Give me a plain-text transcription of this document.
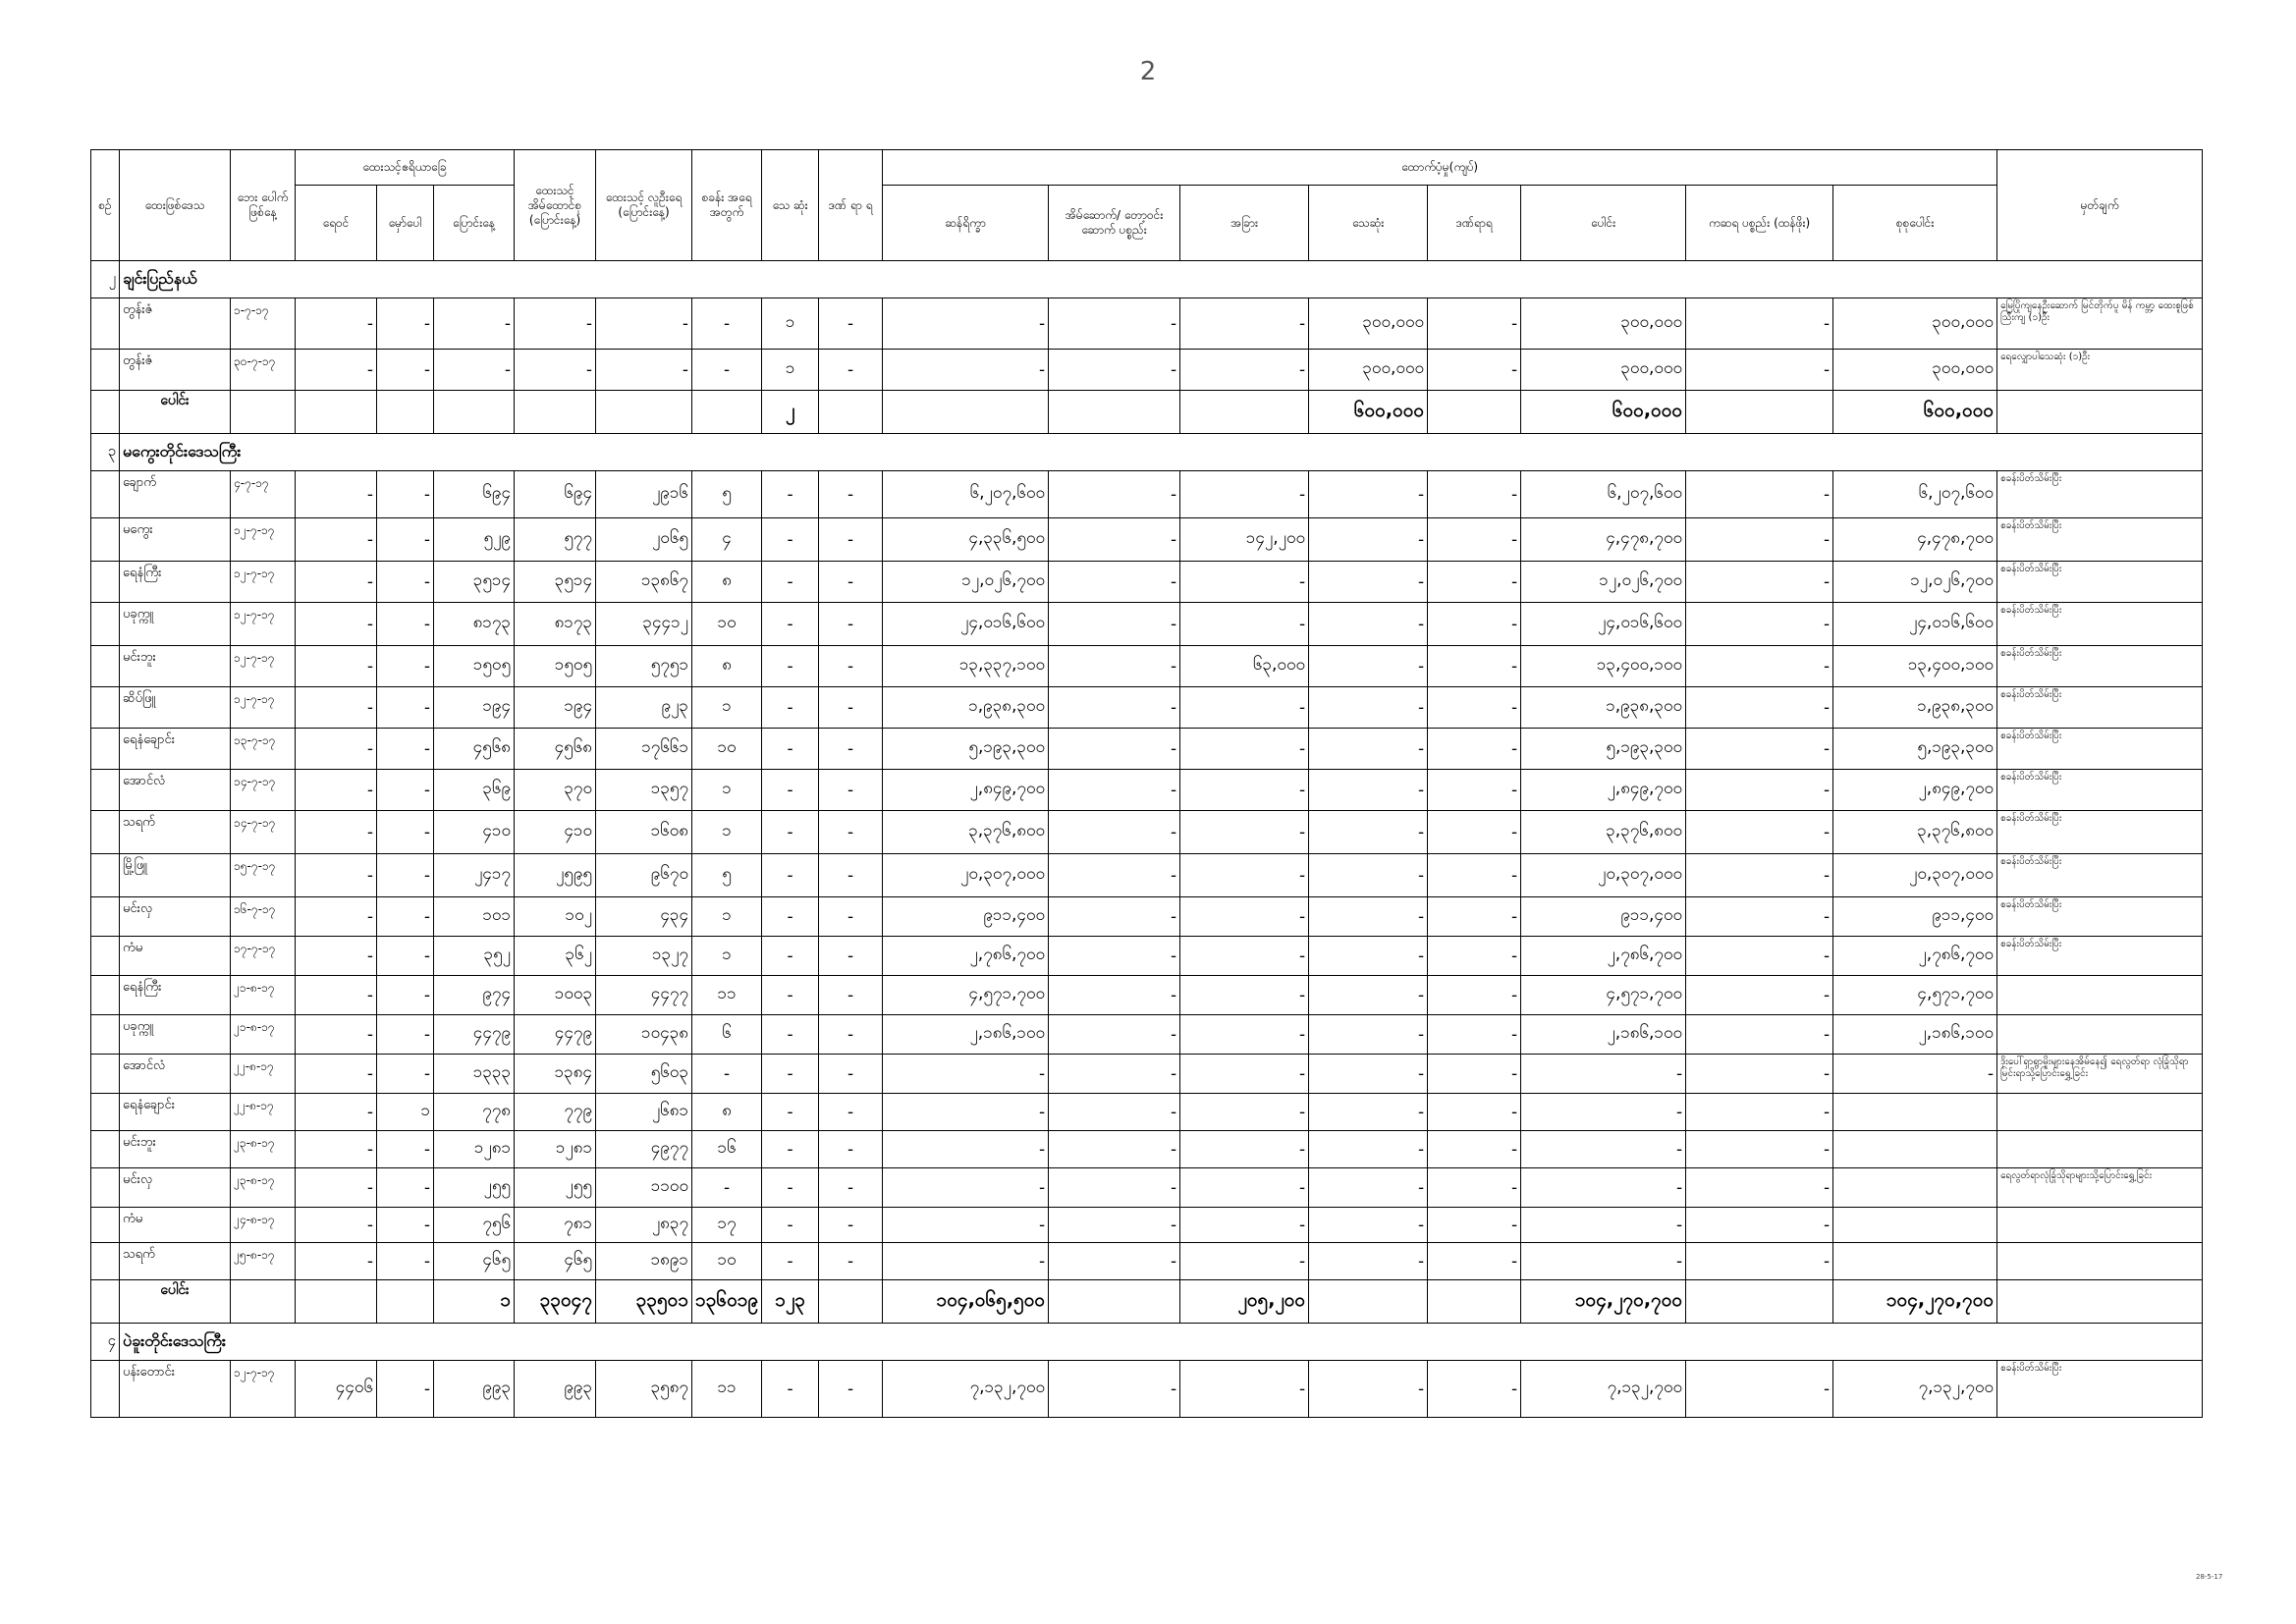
2
စဥ်	ထေးဖြစ်ဒေသ	ဘေး ပေါက် ဖြစ်နေ့	ထေးသင့်ဧရိယာခြေ			ထေးသင့် အိမ်ထောင်စု (ပြောင်းနေ့)	ထေးသင့် လူဦးရေ (ပြောင်းနေ့)	စခန်း အရေ အတွက်	သေ ဆုံး	ဒဏ် ရာ ရ	ထောက်ပံ့မှု(ကျပ်)								မှတ်ချက်
			ရေဝင်	မှော်ပေါ	ပြောင်းနေ့						ဆန်ရိက္ခာ	အိမ်ဆောက်/ တော့ဝင်းဆောက် ပစ္စည်း	အခြား	သေဆုံး	ဒဏ်ရာရ	ပေါင်း	ကဆရ ပစ္စည်း (ထန်ဖိုး)	စုစုပေါင်း	
၂	ချင်းပြည်နယ်																		
	တွန်းဇံ	၁-၇-၁၇	-	-	-	-	-	-	၁	-	-	-	-	၃၀၀,၀၀၀	-	၃၀၀,၀၀၀	-	၃၀၀,၀၀၀	မြေပြိုကျနေဦးဆောက် မြင်တိုက်ပူ မိန် ကမ္ဘာ့ ထေးစူဖြစ်သြီးကျ (၁)ဦး
	တွန်းဇံ	၃၀-၇-၁၇	-	-	-	-	-	-	၁	-	-	-	-	၃၀၀,၀၀၀	-	၃၀၀,၀၀၀	-	၃၀၀,၀၀၀	ရေလျှောပါသေဆုံး (၁)ဦး
	ပေါင်း								၂					၆၀၀,၀၀၀		၆၀၀,၀၀၀		၆၀၀,၀၀၀	
၃	မကွေးတိုင်းဒေသကြီး																		
	ချောက်	၄-၇-၁၇	-	-	၆၉၄	၆၉၄	၂၉၁၆	၅	-	-	၆,၂၀၇,၆၀၀	-	-	-	-	၆,၂၀၇,၆၀၀	-	၆,၂၀၇,၆၀၀	စခန်းပိတ်သိမ်းပြီး
	မကွေး	၁၂-၇-၁၇	-	-	၅၂၉	၅၇၇	၂၀၆၅	၄	-	-	၄,၃၃၆,၅၀၀	-	၁၄၂,၂၀၀	-	-	၄,၄၇၈,၇၀၀	-	၄,၄၇၈,၇၀၀	စခန်းပိတ်သိမ်းပြီး
	ရေနံကြီး	၁၂-၇-၁၇	-	-	၃၅၁၄	၃၅၁၄	၁၃၈၆၇	၈	-	-	၁၂,၀၂၆,၇၀၀	-	-	-	-	၁၂,၀၂၆,၇၀၀	-	၁၂,၀၂၆,၇၀၀	စခန်းပိတ်သိမ်းပြီး
	ပခုက္ကူ	၁၂-၇-၁၇	-	-	၈၁၇၃	၈၁၇၃	၃၄၄၁၂	၁၀	-	-	၂၄,၀၁၆,၆၀၀	-	-	-	-	၂၄,၀၁၆,၆၀၀	-	၂၄,၀၁၆,၆၀၀	စခန်းပိတ်သိမ်းပြီး
	မင်းဘူး	၁၂-၇-၁၇	-	-	၁၅၀၅	၁၅၀၅	၅၇၅၁	၈	-	-	၁၃,၃၃၇,၁၀၀	-	၆၃,၀၀၀	-	-	၁၃,၄၀၀,၁၀၀	-	၁၃,၄၀၀,၁၀၀	စခန်းပိတ်သိမ်းပြီး
	ဆိပ်ဖြူ	၁၂-၇-၁၇	-	-	၁၉၄	၁၉၄	၉၂၃	၁	-	-	၁,၉၃၈,၃၀၀	-	-	-	-	၁,၉၃၈,၃၀၀	-	၁,၉၃၈,၃၀၀	စခန်းပိတ်သိမ်းပြီး
	ရေနံချောင်း	၁၃-၇-၁၇	-	-	၄၅၆၈	၄၅၆၈	၁၇၆၆၁	၁၀	-	-	၅,၁၉၃,၃၀၀	-	-	-	-	၅,၁၉၃,၃၀၀	-	၅,၁၉၃,၃၀၀	စခန်းပိတ်သိမ်းပြီး
	အောင်လံ	၁၄-၇-၁၇	-	-	၃၆၉	၃၇၀	၁၃၅၇	၁	-	-	၂,၈၄၉,၇၀၀	-	-	-	-	၂,၈၄၉,၇၀၀	-	၂,၈၄၉,၇၀၀	စခန်းပိတ်သိမ်းပြီး
	သရက်	၁၄-၇-၁၇	-	-	၄၁၀	၄၁၀	၁၆၀၈	၁	-	-	၃,၃၇၆,၈၀၀	-	-	-	-	၃,၃၇၆,၈၀၀	-	၃,၃၇၆,၈၀၀	စခန်းပိတ်သိမ်းပြီး
	မြို့ဖြူ	၁၅-၇-၁၇	-	-	၂၄၁၇	၂၅၉၅	၉၆၇၀	၅	-	-	၂၀,၃၀၇,၀၀၀	-	-	-	-	၂၀,၃၀၇,၀၀၀	-	၂၀,၃၀၇,၀၀၀	စခန်းပိတ်သိမ်းပြီး
	မင်းလှ	၁၆-၇-၁၇	-	-	၁၀၁	၁၀၂	၄၃၄	၁	-	-	၉၁၁,၄၀၀	-	-	-	-	၉၁၁,၄၀၀	-	၉၁၁,၄၀၀	စခန်းပိတ်သိမ်းပြီး
	ကံမ	၁၇-၇-၁၇	-	-	၃၅၂	၃၆၂	၁၃၂၇	၁	-	-	၂,၇၈၆,၇၀၀	-	-	-	-	၂,၇၈၆,၇၀၀	-	၂,၇၈၆,၇၀၀	စခန်းပိတ်သိမ်းပြီး
	ရေနံကြီး	၂၁-၈-၁၇	-	-	၉၇၄	၁၀၀၃	၄၄၇၇	၁၁	-	-	၄,၅၇၁,၇၀၀	-	-	-	-	၄,၅၇၁,၇၀၀	-	၄,၅၇၁,၇၀၀	
	ပခုက္ကူ	၂၁-၈-၁၇	-	-	၄၄၇၉	၄၄၇၉	၁၀၄၃၈	၆	-	-	၂,၁၈၆,၁၀၀	-	-	-	-	၂,၁၈၆,၁၀၀	-	၂,၁၈၆,၁၀၀	
	အောင်လံ	၂၂-၈-၁၇	-	-	၁၃၃၃	၁၃၈၄	၅၆၀၃	-	-	-	-	-	-	-	-	-	-	-	ဒိုးပေါ်ရှာရွာမှိုးများနေအိမ်နေ၍ ရေလွတ်ရာ လုံခြုံသိုရာမြင်းရာသို့ပြောင်းရွှေ့ခြင်း
	ရေနံချောင်း	၂၂-၈-၁၇	-	၁	၇၇၈	၇၇၉	၂၆၈၁	၈	-	-	-	-	-	-	-	-	-		
	မင်းဘူး	၂၃-၈-၁၇	-	-	၁၂၈၁	၁၂၈၁	၄၉၇၇	၁၆	-	-	-	-	-	-	-	-	-		
	မင်းလှ	၂၃-၈-၁၇	-	-	၂၅၅	၂၅၅	၁၁၀၀	-	-	-	-	-	-	-	-	-	-		ရေလွတ်ရာလုံခြုံသိုရာများသို့ပြောင်းရွှေ့ခြင်း
	ကံမ	၂၄-၈-၁၇	-	-	၇၅၆	၇၈၁	၂၈၃၇	၁၇	-	-	-	-	-	-	-	-	-		
	သရက်	၂၅-၈-၁၇	-	-	၄၆၅	၄၆၅	၁၈၉၁	၁၀	-	-	-	-	-	-	-	-	-		
	ပေါင်း				၁	၃၃၀၄၇	၃၃၅၀၁	၁၃၆၀၁၉	၁၂၃		၁၀၄,၀၆၅,၅၀၀		၂၀၅,၂၀၀			၁၀၄,၂၇၀,၇၀၀		၁၀၄,၂၇၀,၇၀၀	
၄	ပဲခူးတိုင်းဒေသကြီး																		
	ပန်းတောင်း	၁၂-၇-၁၇	၄၄၀၆	-	၉၉၃	၉၉၃	၃၅၈၇	၁၁	-	-	၇,၁၃၂,၇၀၀	-	-	-	-	၇,၁၃၂,၇၀၀	-	၇,၁၃၂,၇၀၀	စခန်းပိတ်သိမ်းပြီး
28-5-17
